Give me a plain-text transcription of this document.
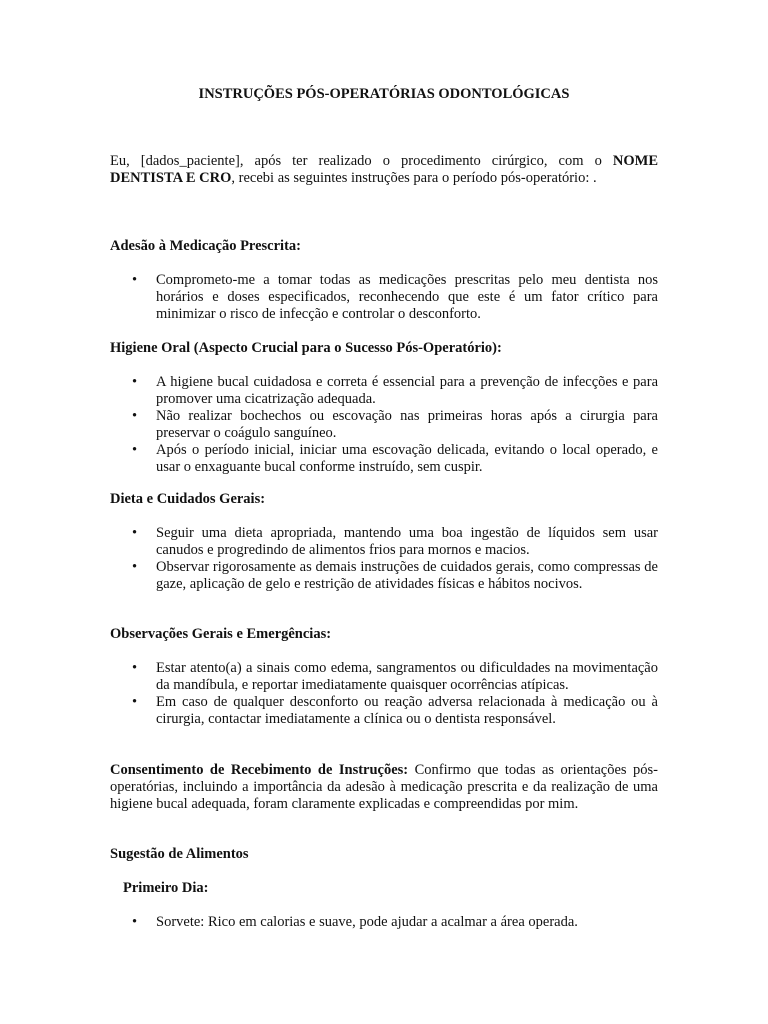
INSTRUÇÕES PÓS-OPERATÓRIAS ODONTOLÓGICAS
Eu, [dados_paciente], após ter realizado o procedimento cirúrgico, com o NOME DENTISTA E CRO, recebi as seguintes instruções para o período pós-operatório: .
Adesão à Medicação Prescrita:
• Comprometo-me a tomar todas as medicações prescritas pelo meu dentista nos horários e doses especificados, reconhecendo que este é um fator crítico para minimizar o risco de infecção e controlar o desconforto.
Higiene Oral (Aspecto Crucial para o Sucesso Pós-Operatório):
• A higiene bucal cuidadosa e correta é essencial para a prevenção de infecções e para promover uma cicatrização adequada.
• Não realizar bochechos ou escovação nas primeiras horas após a cirurgia para preservar o coágulo sanguíneo.
• Após o período inicial, iniciar uma escovação delicada, evitando o local operado, e usar o enxaguante bucal conforme instruído, sem cuspir.
Dieta e Cuidados Gerais:
• Seguir uma dieta apropriada, mantendo uma boa ingestão de líquidos sem usar canudos e progredindo de alimentos frios para mornos e macios.
• Observar rigorosamente as demais instruções de cuidados gerais, como compressas de gaze, aplicação de gelo e restrição de atividades físicas e hábitos nocivos.
Observações Gerais e Emergências:
• Estar atento(a) a sinais como edema, sangramentos ou dificuldades na movimentação da mandíbula, e reportar imediatamente quaisquer ocorrências atípicas.
• Em caso de qualquer desconforto ou reação adversa relacionada à medicação ou à cirurgia, contactar imediatamente a clínica ou o dentista responsável.
Consentimento de Recebimento de Instruções: Confirmo que todas as orientações pós-operatórias, incluindo a importância da adesão à medicação prescrita e da realização de uma higiene bucal adequada, foram claramente explicadas e compreendidas por mim.
Sugestão de Alimentos
Primeiro Dia:
• Sorvete: Rico em calorias e suave, pode ajudar a acalmar a área operada.
